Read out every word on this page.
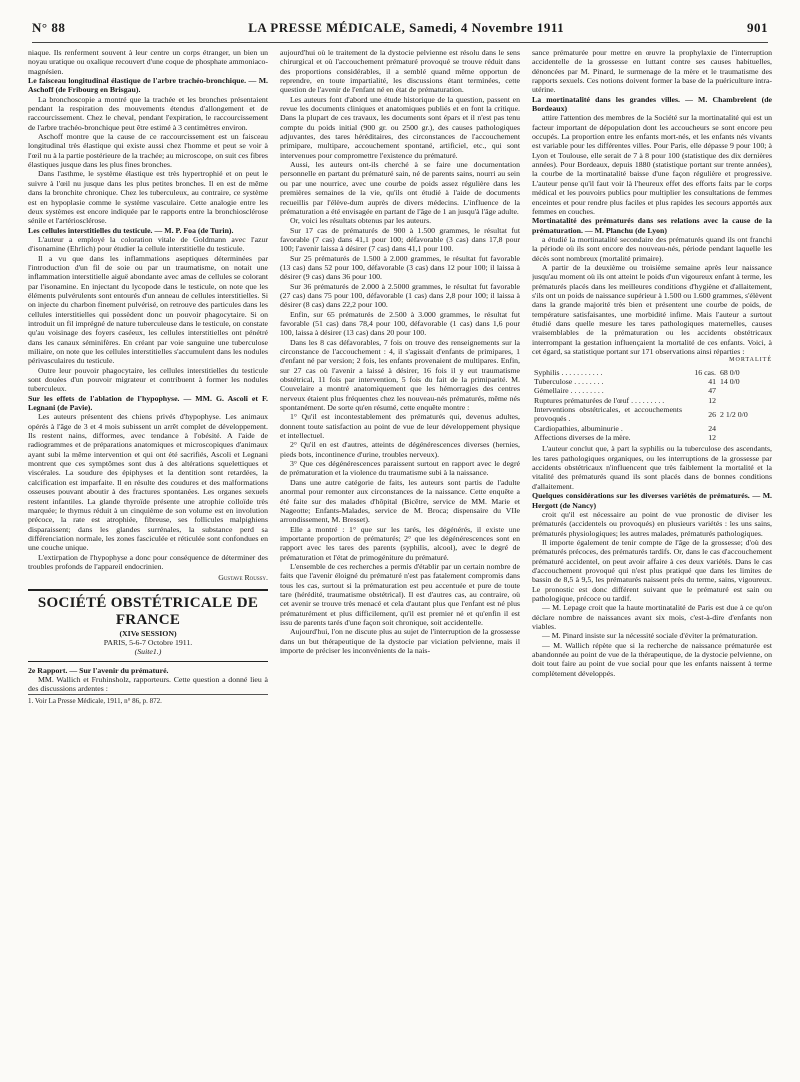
N° 88	LA PRESSE MÉDICALE, Samedi, 4 Novembre 1911	901

niaque. Ils renferment souvent à leur centre un corps étranger, un bien un noyau uratique ou oxalique recouvert d'une coque de phosphate ammoniaco-magnésien.

Le faisceau longitudinal élastique de l'arbre trachéo-bronchique. — M. Aschoff (de Fribourg en Brisgau).

La bronchoscopie a montré que la trachée et les bronches présentaient pendant la respiration des mouvements étendus d'allongement et de raccourcissement. Chez le cheval, pendant l'expiration, le raccourcissement de l'arbre trachéo-bronchique peut être estimé à 3 centimètres environ.

Aschoff montre que la cause de ce raccourcissement est un faisceau longitudinal très élastique qui existe aussi chez l'homme et peut se voir à l'œil nu à la partie postérieure de la trachée; au microscope, on suit ces fibres élastiques jusque dans les plus fines bronches.

Dans l'asthme, le système élastique est très hypertrophié et on peut le suivre à l'œil nu jusque dans les plus petites bronches. Il en est de même dans la bronchite chronique. Chez les tuberculeux, au contraire, ce système est en hypoplasie comme le système vasculaire. Cette analogie entre les deux systèmes est encore indiquée par le rapports entre la bronchiosclérose sénile et l'artériosclérose.

Les cellules interstitielles du testicule. — M. P. Foa (de Turin).

L'auteur a employé la coloration vitale de Goldmann avec l'azur d'isonamine (Ehrlich) pour étudier la cellule interstitielle du testicule.

Il a vu que dans les inflammations aseptiques déterminées par l'introduction d'un fil de soie ou par un traumatisme, on notait une inflammation interstitielle aiguë abondante avec amas de cellules se colorant par l'isonamine. En injectant du lycopode dans le testicule, on note que les éléments pulvérulents sont entourés d'un anneau de cellules interstitielles. Si on injecte du charbon finement pulvérisé, on retrouve des particules dans les cellules interstitielles qui possèdent donc un pouvoir phagocytaire. Si on introduit un fil imprégné de nature tuberculeuse dans le testicule, on constate qu'au voisinage des foyers caséeux, les cellules interstitielles ont pénétré dans les canaux séminifères. En créant par voie sanguine une tuberculose miliaire, on note que les cellules interstitielles s'accumulent dans les nodules périvasculaires du testicule.

Outre leur pouvoir phagocytaire, les cellules interstitielles du testicule sont douées d'un pouvoir migrateur et contribuent à former les nodules tuberculeux.

Sur les effets de l'ablation de l'hypophyse. — MM. G. Ascoli et F. Legnani (de Pavie).

Les auteurs présentent des chiens privés d'hypophyse. Les animaux opérés à l'âge de 3 et 4 mois subissent un arrêt complet de développement. Ils restent nains, difformes, avec tendance à l'obésité. A l'aide de radiogrammes et de préparations anatomiques et microscopiques d'animaux ayant subi la même intervention et qui ont été sacrifiés, Ascoli et Legnani montrent que ces symptômes sont dus à des altérations squelettiques et viscérales. La soudure des épiphyses et la dentition sont retardées, la calcification est imparfaite. Il en résulte des coudures et des malformations osseuses pouvant aboutir à des fractures spontanées. Les organes sexuels restent infantiles. La glande thyroïde présente une atrophie colloïde très marquée; le thymus réduit à un cinquième de son volume est en involution précoce, la rate est atrophiée, fibreuse, ses follicules malpighiens disparaissent; dans les glandes surrénales, la substance perd sa différenciation normale, les zones fasciculée et réticulée sont confondues en une couche unique.

L'extirpation de l'hypophyse a donc pour conséquence de déterminer des troubles profonds de l'appareil endocrinien.

Gustave Roussy.
SOCIÉTÉ OBSTÉTRICALE DE FRANCE
(XIVe SESSION)
PARIS, 5-6-7 Octobre 1911.
(Suite1.)

2e Rapport. — Sur l'avenir du prématuré.

MM. Wallich et Fruhinsholz, rapporteurs. Cette question a donné lieu à des discussions ardentes :

1. Voir La Presse Médicale, 1911, n° 86, p. 872.

aujourd'hui où le traitement de la dystocie pelvienne est résolu dans le sens chirurgical et où l'accouchement prématuré provoqué se trouve réduit dans des proportions considérables, il a semblé quand même opportun de reprendre, en toute impartialité, les discussions étant terminées, cette question de l'avenir de l'enfant né en état de prématuration.

Les auteurs font d'abord une étude historique de la question, passent en revue les documents cliniques et anatomiques publiés et en font la critique. Dans la plupart de ces travaux, les documents sont épars et il n'est pas tenu compte du poids initial (900 gr. ou 2500 gr.), des causes pathologiques adjuvantes, des tares héréditaires, des circonstances de l'accouchement primipare, multipare, accouchement spontané, artificiel, etc., qui sont intervenues pour compromettre l'existence du prématuré.

Aussi, les auteurs ont-ils cherché à se faire une documentation personnelle en partant du prématuré sain, né de parents sains, nourri au sein ou par une nourrice, avec une courbe de poids assez régulière dans les premières semaines de la vie, qu'ils ont étudié à l'aide de documents recueillis par l'élève-dum auprès de divers médecins. L'influence de la prématuration a été envisagée en partant de l'âge de 1 an jusqu'à l'âge adulte.

Or, voici les résultats obtenus par les auteurs.

Sur 17 cas de prématurés de 900 à 1.500 grammes, le résultat fut favorable (7 cas) dans 41,1 pour 100; défavorable (3 cas) dans 17,8 pour 100; l'avenir laissa à désirer (7 cas) dans 41,1 pour 100.

Sur 25 prématurés de 1.500 à 2.000 grammes, le résultat fut favorable (13 cas) dans 52 pour 100, défavorable (3 cas) dans 12 pour 100; il laissa à désirer (9 cas) dans 36 pour 100.

Sur 36 prématurés de 2.000 à 2.5000 grammes, le résultat fut favorable (27 cas) dans 75 pour 100, défavorable (1 cas) dans 2,8 pour 100; il laissa à désirer (8 cas) dans 22,2 pour 100.

Enfin, sur 65 prématurés de 2.500 à 3.000 grammes, le résultat fut favorable (51 cas) dans 78,4 pour 100, défavorable (1 cas) dans 1,6 pour 100, laissa à désirer (13 cas) dans 20 pour 100.

Dans les 8 cas défavorables, 7 fois on trouve des renseignements sur la circonstance de l'accouchement : 4, il s'agissait d'enfants de primipares, 1 d'enfant né par version; 2 fois, les enfants provenaient de multipares. Enfin, sur 27 cas où l'avenir a laissé à désirer, 16 fois il y eut traumatisme obstétrical, 11 fois par intervention, 5 fois du fait de la primiparité. M. Couvelaire a montré anatomiquement que les hémorragies des centres nerveux étaient plus fréquentes chez les nouveau-nés prématurés, même nés spontanément. De sorte qu'en résumé, cette enquête montre :

1° Qu'il est incontestablement des prématurés qui, devenus adultes, donnent toute satisfaction au point de vue de leur développement physique et intellectuel.

2° Qu'il en est d'autres, atteints de dégénérescences diverses (hernies, pieds bots, incontinence d'urine, troubles nerveux).

3° Que ces dégénérescences paraissent surtout en rapport avec le degré de prématuration et la violence du traumatisme subi à la naissance.

Dans une autre catégorie de faits, les auteurs sont partis de l'adulte anormal pour remonter aux circonstances de la naissance. Cette enquête a été faite sur des malades d'hôpital (Bicêtre, service de MM. Marie et Nageotte; Enfants-Malades, service de M. Broca; dispensaire du VIIe arrondissement, M. Bresset).

Elle a montré : 1° que sur les tarés, les dégénérés, il existe une importante proportion de prématurés; 2° que les dégénérescences sont en rapport avec les tares des parents (syphilis, alcool), avec le degré de prématuration et l'état de primogéniture du prématuré.

L'ensemble de ces recherches a permis d'établir par un certain nombre de faits que l'avenir éloigné du prématuré n'est pas fatalement compromis dans tous les cas, surtout si la prématuration est peu accentuée et pure de toute tare (hérédité, traumatisme obstétrical). Il est d'autres cas, au contraire, où cet avenir se trouve très menacé et cela d'autant plus que l'enfant est né plus prématurément et plus difficilement, qu'il est premier né et qu'enfin il est issu de parents tarés d'une façon soit chronique, soit accidentelle.

Aujourd'hui, l'on ne discute plus au sujet de l'interruption de la grossesse dans un but thérapeutique de la dystocie par viciation pelvienne, mais il importe de préciser les inconvénients de la nais-

sance prématurée pour mettre en œuvre la prophylaxie de l'interruption accidentelle de la grossesse en luttant contre ses causes habituelles, dénoncées par M. Pinard, le surmenage de la mère et le traumatisme des rapports sexuels. Ces notions doivent former la base de la puériculture intra-utérine.

La mortinatalité dans les grandes villes. — M. Chambrelent (de Bordeaux)

attire l'attention des membres de la Société sur la mortinatalité qui est un facteur important de dépopulation dont les accoucheurs se sont encore peu occupés. La proportion entre les enfants mort-nés, et les enfants nés vivants est variable pour les différentes villes. Pour Paris, elle dépasse 9 pour 100; à Lyon et Toulouse, elle serait de 7 à 8 pour 100 (statistique des dix dernières années). Pour Bordeaux, depuis 1880 (statistique portant sur trente années), la courbe de la mortinatalité baisse d'une façon régulière et progressive. L'auteur pense qu'il faut voir là l'heureux effet des efforts faits par le corps médical et les pouvoirs publics pour multiplier les consultations de femmes enceintes et pour rendre plus faciles et plus rapides les secours apportés aux femmes en couches.

Mortinatalité des prématurés dans ses relations avec la cause de la prématuration. — M. Planchu (de Lyon)

a étudié la mortinatalité secondaire des prématurés quand ils ont franchi la période où ils sont encore des nouveau-nés, période pendant laquelle les décès sont nombreux (mortalité primaire).

A partir de la deuxième ou troisième semaine après leur naissance jusqu'au moment où ils ont atteint le poids d'un vigoureux enfant à terme, les prématurés placés dans les meilleures conditions d'hygiène et d'allaitement, s'ils ont un poids de naissance supérieur à 1.500 ou 1.600 grammes, s'élèvent dans la grande majorité très bien et présentent une courbe de poids, de température satisfaisantes, une morbidité infime. Mais l'auteur a surtout étudié dans quelle mesure les tares pathologiques maternelles, causes vraisemblables de la prématuration ou les accidents obstétricaux interrompant la gestation influençaient la mortalité de ces enfants. Voici, à cet égard, sa statistique portant sur 171 observations ainsi réparties :

MORTALITÉ
Syphilis . . . . . . . . . . .	16 cas.	68 0/0
Tuberculose . . . . . . . .	41	14 0/0
Gémellaire . . . . . . . . .	47	
Ruptures prématurées de l'œuf . . . . . . . . .	12	
Interventions obstétricales, et accouchements provoqués .	26	2 1/2 0/0
Cardiopathies, albuminurie .	24	
Affections diverses de la mère.	12	

L'auteur conclut que, à part la syphilis ou la tuberculose des ascendants, les tares pathologiques organiques, ou les interruptions de la grossesse par accidents obstétricaux n'influencent que très faiblement la mortalité et la vitalité des prématurés quand ils sont placés dans de bonnes conditions d'allaitement.

Quelques considérations sur les diverses variétés de prématurés. — M. Hergott (de Nancy)

croit qu'il est nécessaire au point de vue pronostic de diviser les prématurés (accidentels ou provoqués) en plusieurs variétés : les uns sains, prématurés physiologiques; les autres malades, prématurés pathologiques.

Il importe également de tenir compte de l'âge de la grossesse; d'où des prématurés précoces, des prématurés tardifs. Or, dans le cas d'accouchement prématuré accidentel, on peut avoir affaire à ces deux variétés. Dans le cas d'accouchement provoqué qui n'est plus pratiqué que dans les limites de bassin de 8,5 à 9,5, les prématurés naissent près du terme, sains, vigoureux. Le pronostic est donc différent suivant que le prématuré est sain ou pathologique, précoce ou tardif.

— M. Lepage croit que la haute mortinatalité de Paris est due à ce qu'on déclare nombre de naissances avant six mois, c'est-à-dire d'enfants non viables.

— M. Pinard insiste sur la nécessité sociale d'éviter la prématuration.

— M. Wallich répète que si la recherche de naissance prématurée est abandonnée au point de vue de la thérapeutique, de la dystocie pelvienne, on doit tout faire au point de vue social pour que les enfants naissent à terme complètement développés.
